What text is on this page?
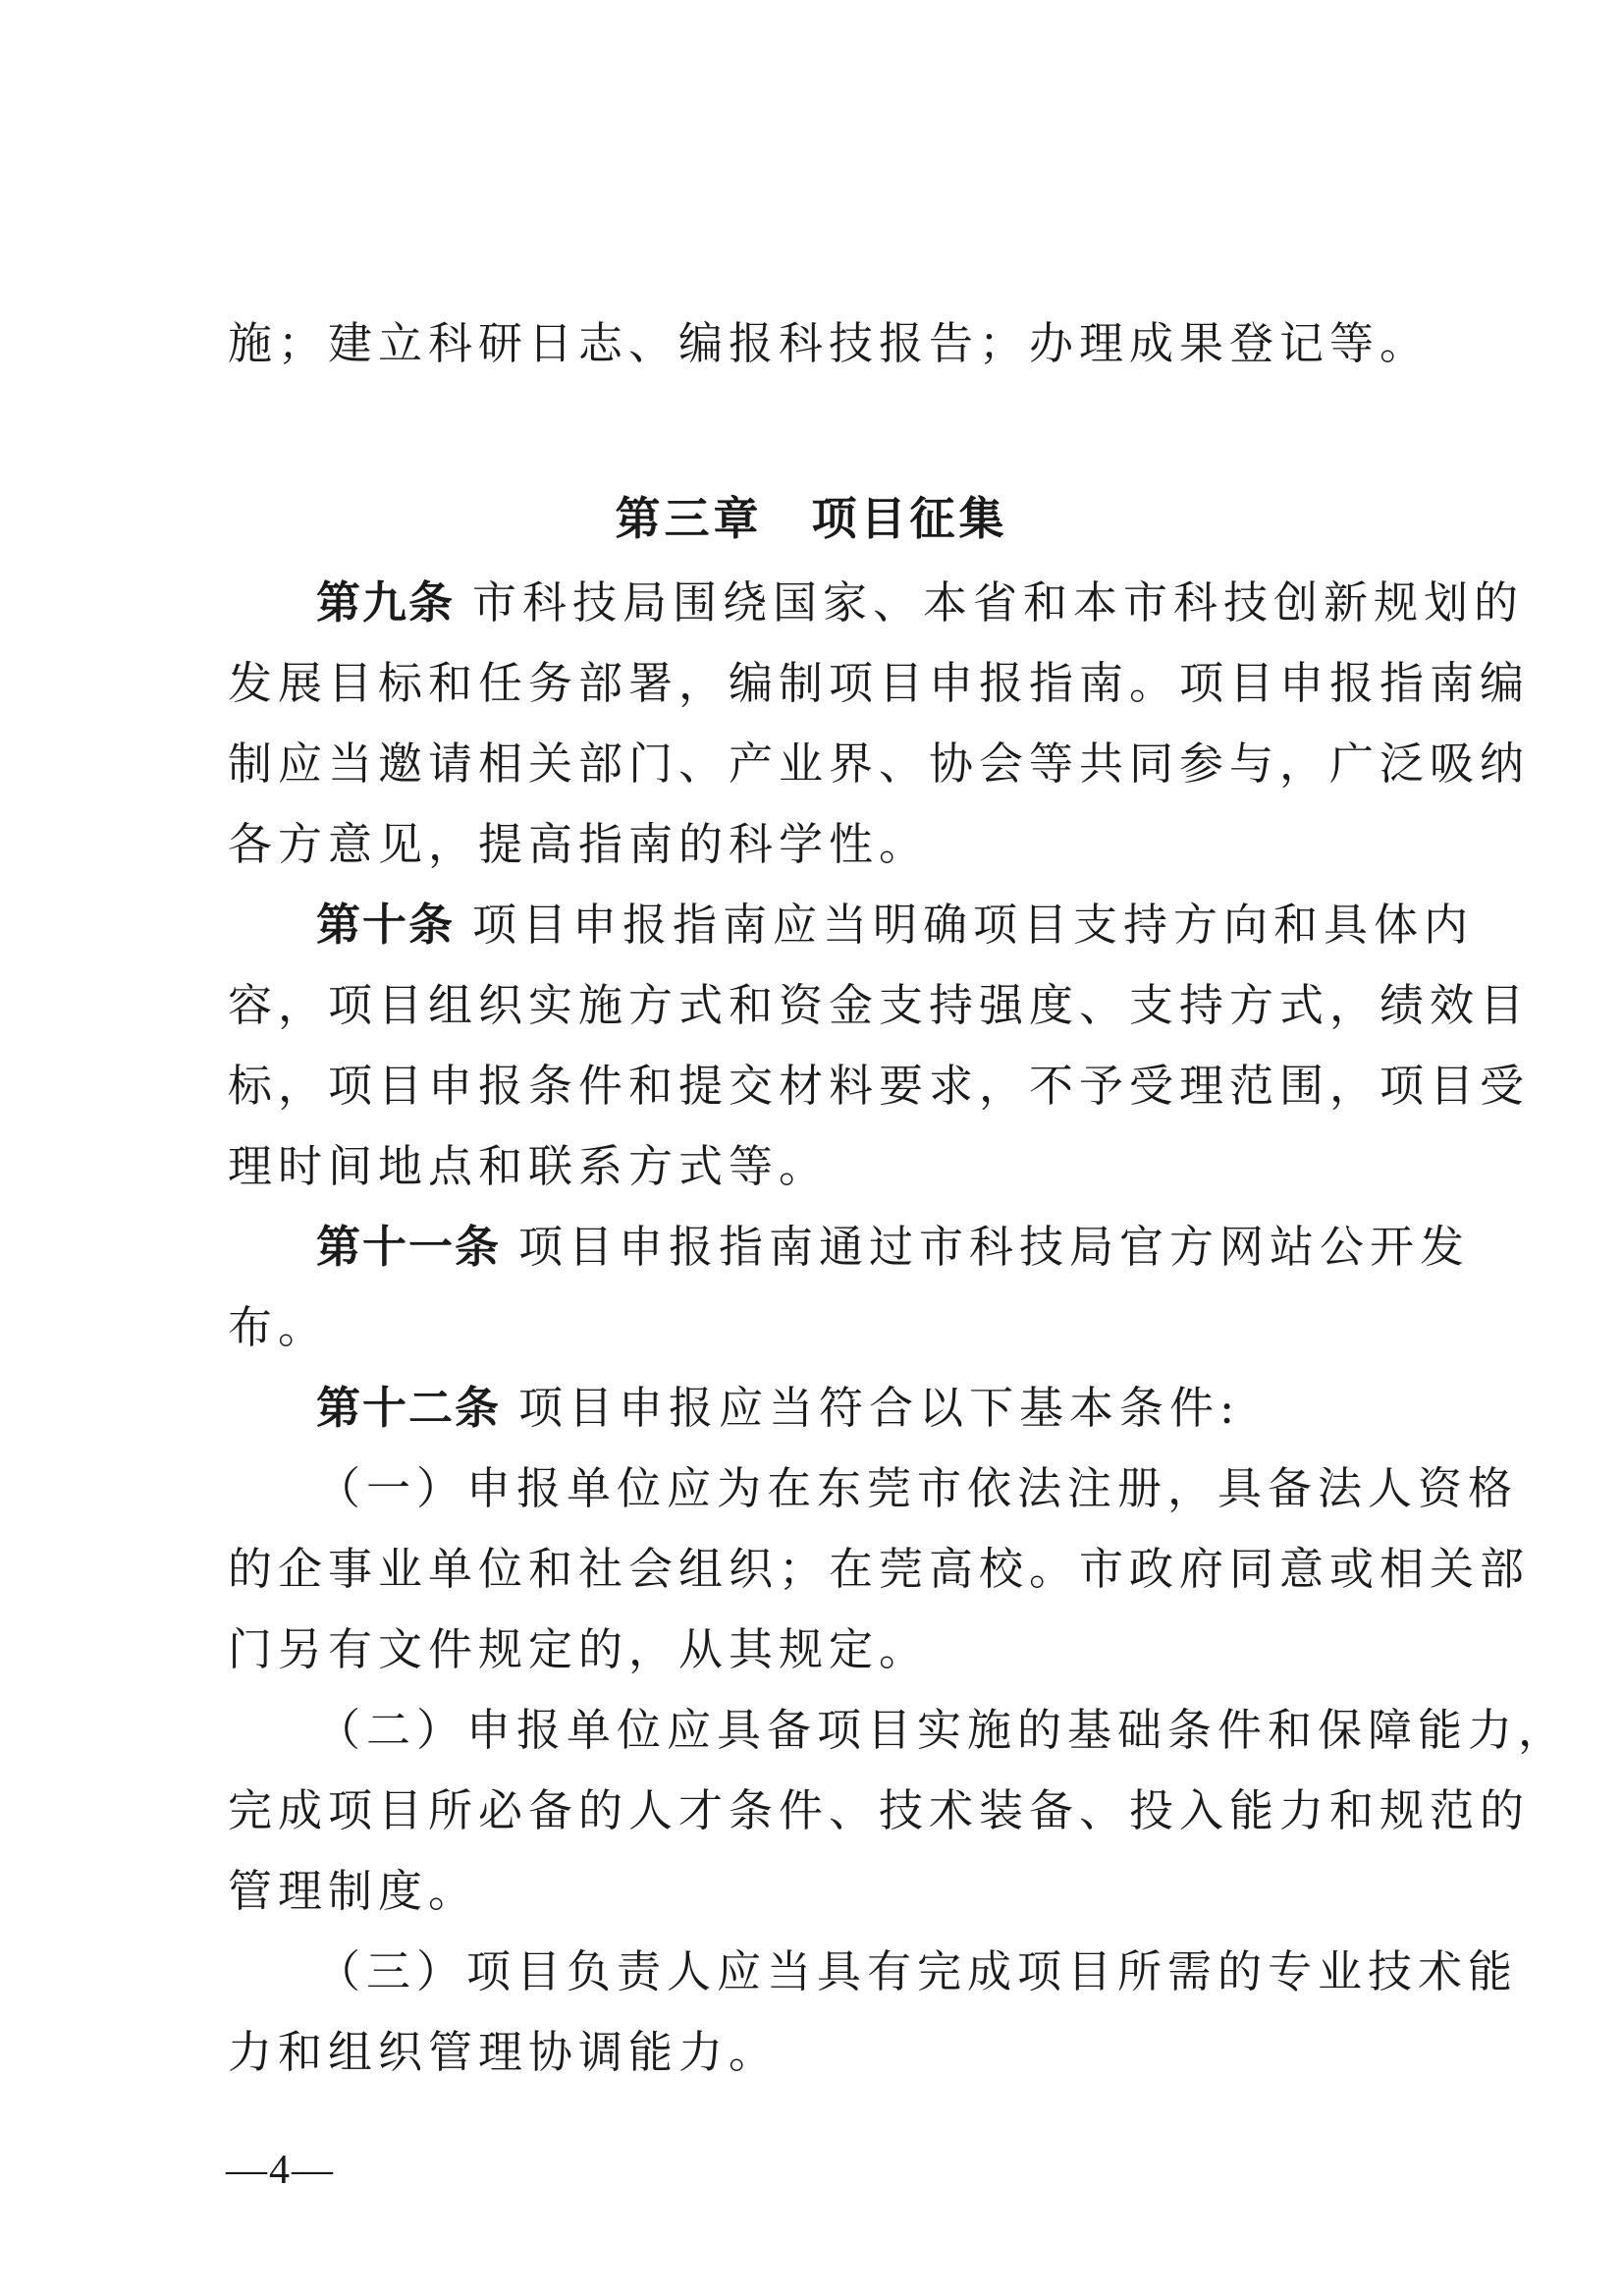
施；建立科研日志、编报科技报告；办理成果登记等。
第三章　项目征集
第九条 市科技局围绕国家、本省和本市科技创新规划的
发展目标和任务部署，编制项目申报指南。项目申报指南编
制应当邀请相关部门、产业界、协会等共同参与，广泛吸纳
各方意见，提高指南的科学性。
第十条 项目申报指南应当明确项目支持方向和具体内
容，项目组织实施方式和资金支持强度、支持方式，绩效目
标，项目申报条件和提交材料要求，不予受理范围，项目受
理时间地点和联系方式等。
第十一条 项目申报指南通过市科技局官方网站公开发
布。
第十二条 项目申报应当符合以下基本条件:
（一）申报单位应为在东莞市依法注册，具备法人资格
的企事业单位和社会组织；在莞高校。市政府同意或相关部
门另有文件规定的，从其规定。
（二）申报单位应具备项目实施的基础条件和保障能力，
完成项目所必备的人才条件、技术装备、投入能力和规范的
管理制度。
（三）项目负责人应当具有完成项目所需的专业技术能
力和组织管理协调能力。
—4—
